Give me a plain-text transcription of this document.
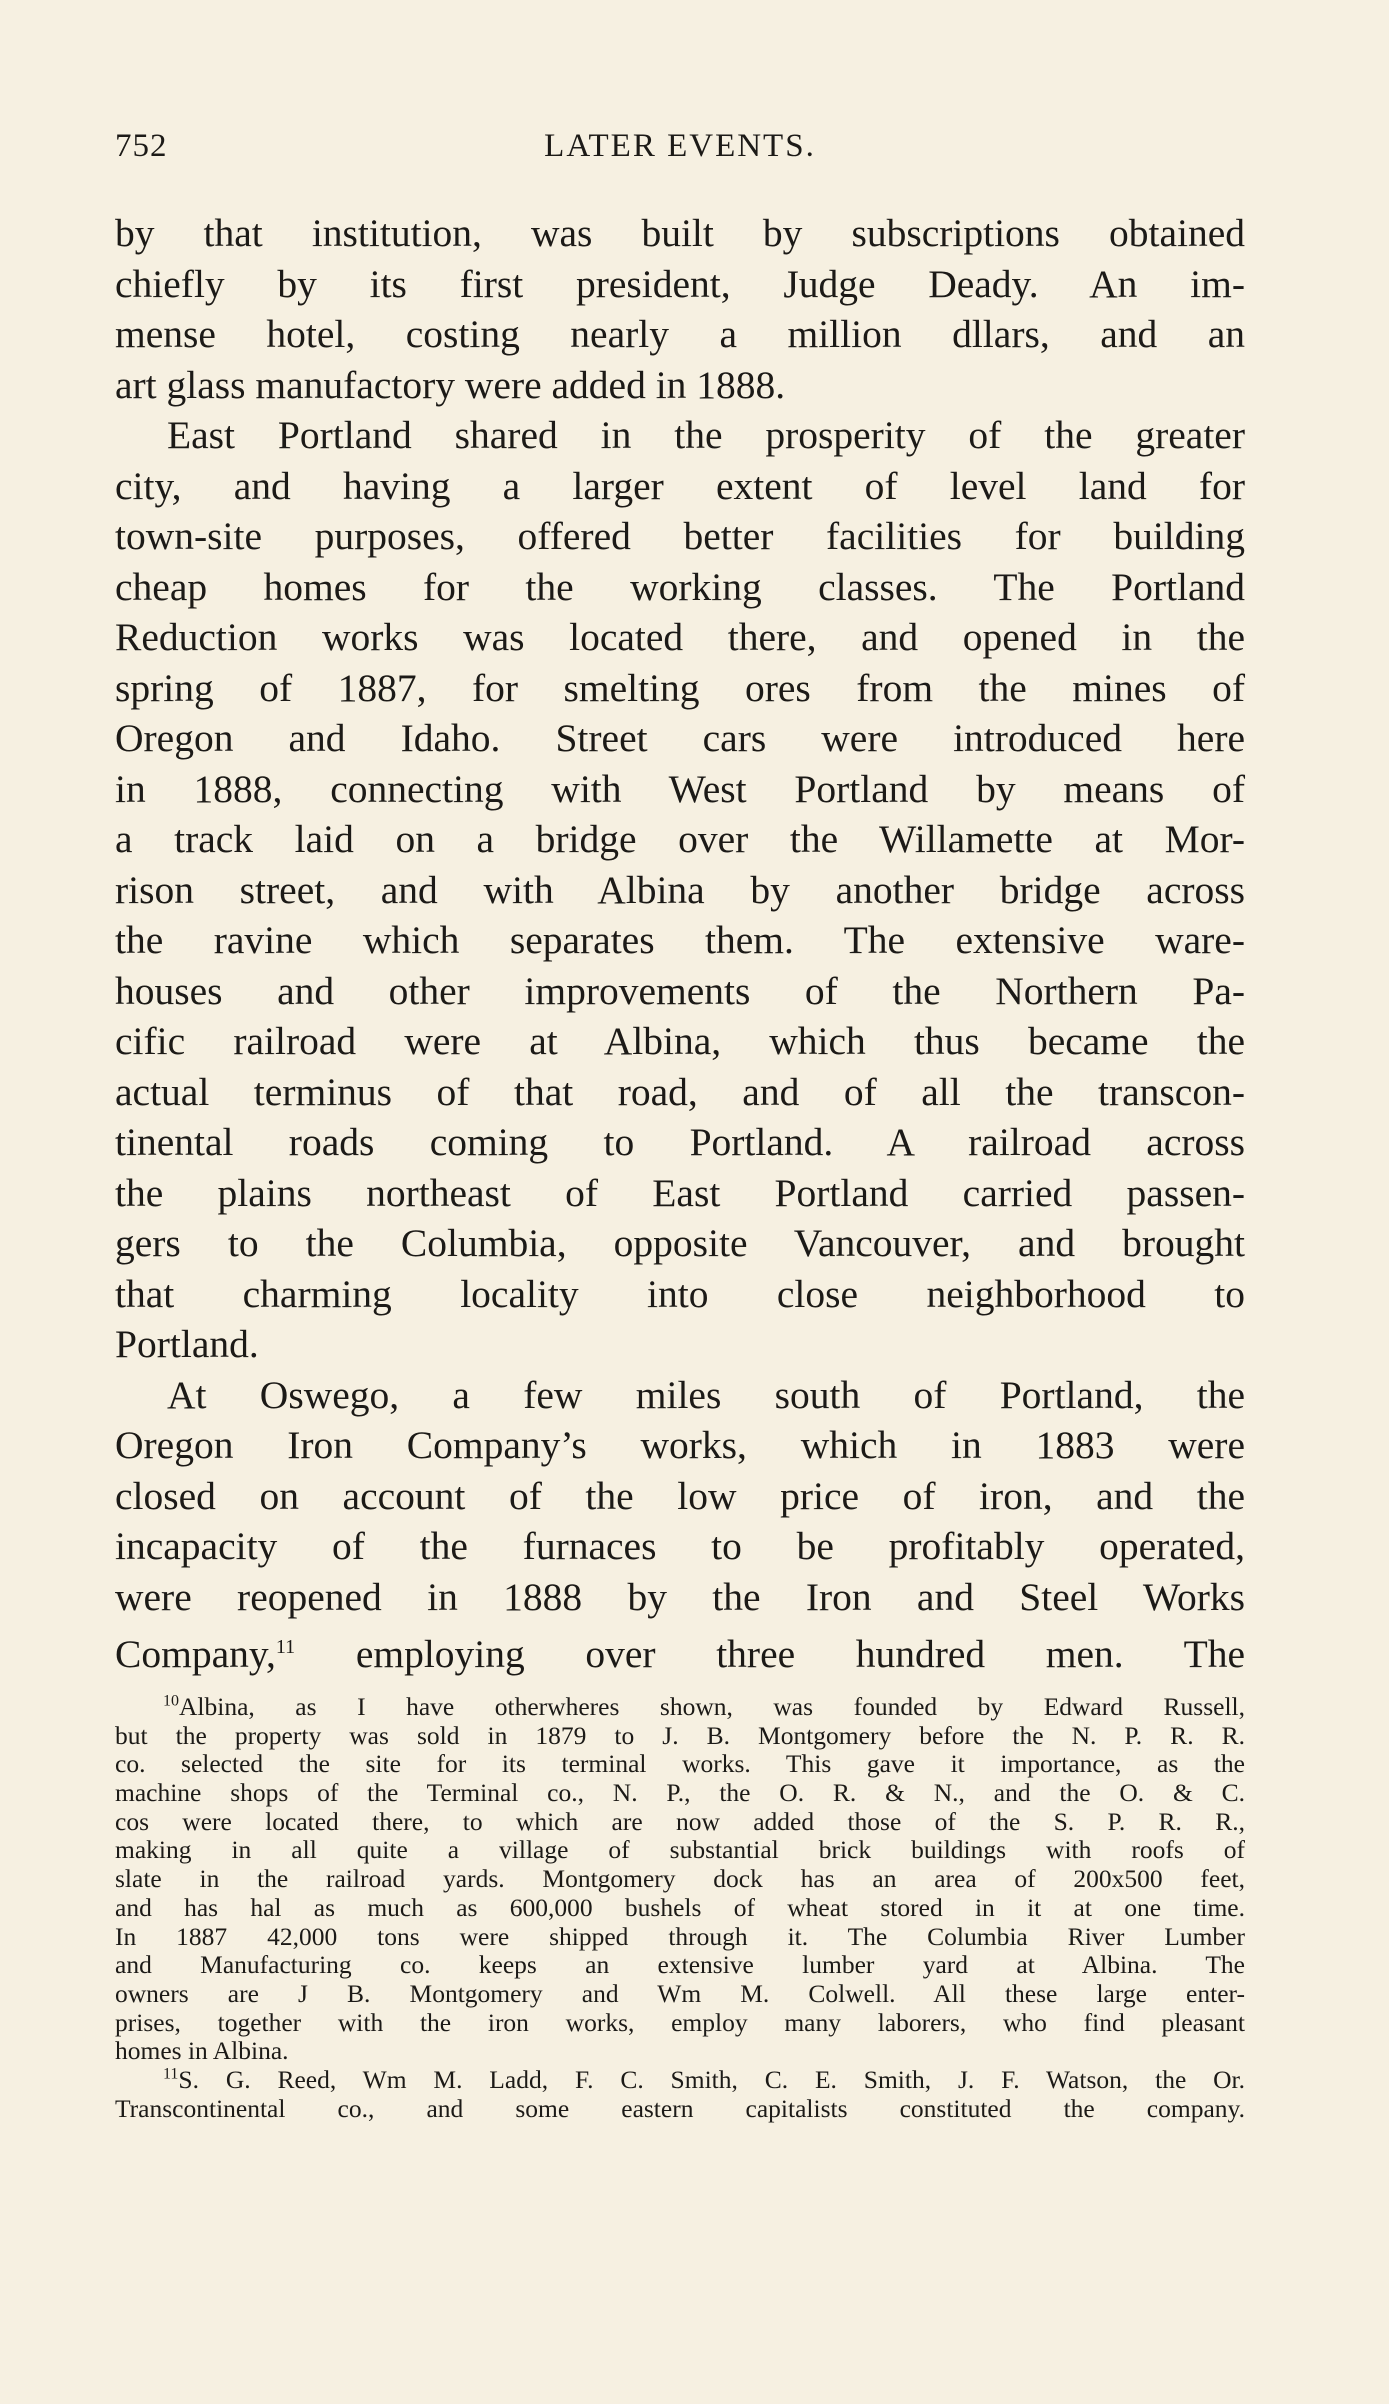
752	LATER EVENTS.
by that institution, was built by subscriptions obtained
chiefly by its first president, Judge Deady. An im-
mense hotel, costing nearly a million dllars, and an
art glass manufactory were added in 1888.
East Portland shared in the prosperity of the greater
city, and having a larger extent of level land for
town-site purposes, offered better facilities for building
cheap homes for the working classes. The Portland
Reduction works was located there, and opened in the
spring of 1887, for smelting ores from the mines of
Oregon and Idaho. Street cars were introduced here
in 1888, connecting with West Portland by means of
a track laid on a bridge over the Willamette at Mor-
rison street, and with Albina by another bridge across
the ravine which separates them. The extensive ware-
houses and other improvements of the Northern Pa-
cific railroad were at Albina, which thus became the
actual terminus of that road, and of all the transcon-
tinental roads coming to Portland. A railroad across
the plains northeast of East Portland carried passen-
gers to the Columbia, opposite Vancouver, and brought
that charming locality into close neighborhood to
Portland.
At Oswego, a few miles south of Portland, the
Oregon Iron Company’s works, which in 1883 were
closed on account of the low price of iron, and the
incapacity of the furnaces to be profitably operated,
were reopened in 1888 by the Iron and Steel Works
Company,$^{11}$ employing over three hundred men. The
$^{10}$Albina, as I have otherwheres shown, was founded by Edward Russell,
but the property was sold in 1879 to J. B. Montgomery before the N. P. R. R.
co. selected the site for its terminal works. This gave it importance, as the
machine shops of the Terminal co., N. P., the O. R. & N., and the O. & C.
cos were located there, to which are now added those of the S. P. R. R.,
making in all quite a village of substantial brick buildings with roofs of
slate in the railroad yards. Montgomery dock has an area of 200x500 feet,
and has hal as much as 600,000 bushels of wheat stored in it at one time.
In 1887 42,000 tons were shipped through it. The Columbia River Lumber
and Manufacturing co. keeps an extensive lumber yard at Albina. The
owners are J B. Montgomery and Wm M. Colwell. All these large enter-
prises, together with the iron works, employ many laborers, who find pleasant
homes in Albina.
$^{11}$S. G. Reed, Wm M. Ladd, F. C. Smith, C. E. Smith, J. F. Watson, the Or.
Transcontinental co., and some eastern capitalists constituted the company.
